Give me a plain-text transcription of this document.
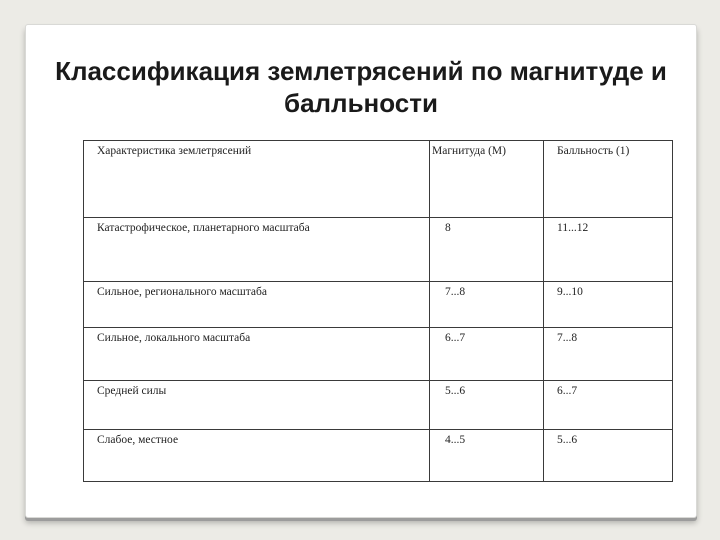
Классификация землетрясений по магнитуде и балльности
Характеристика землетрясений	Магнитуда (М)	Балльность (1)

Катастрофическое, планетарного масштаба	8	11...12

Сильное, регионального масштаба	7...8	9...10

Сильное, локального масштаба	6...7	7...8

Средней силы	5...6	6...7

Слабое, местное	4...5	5...6
